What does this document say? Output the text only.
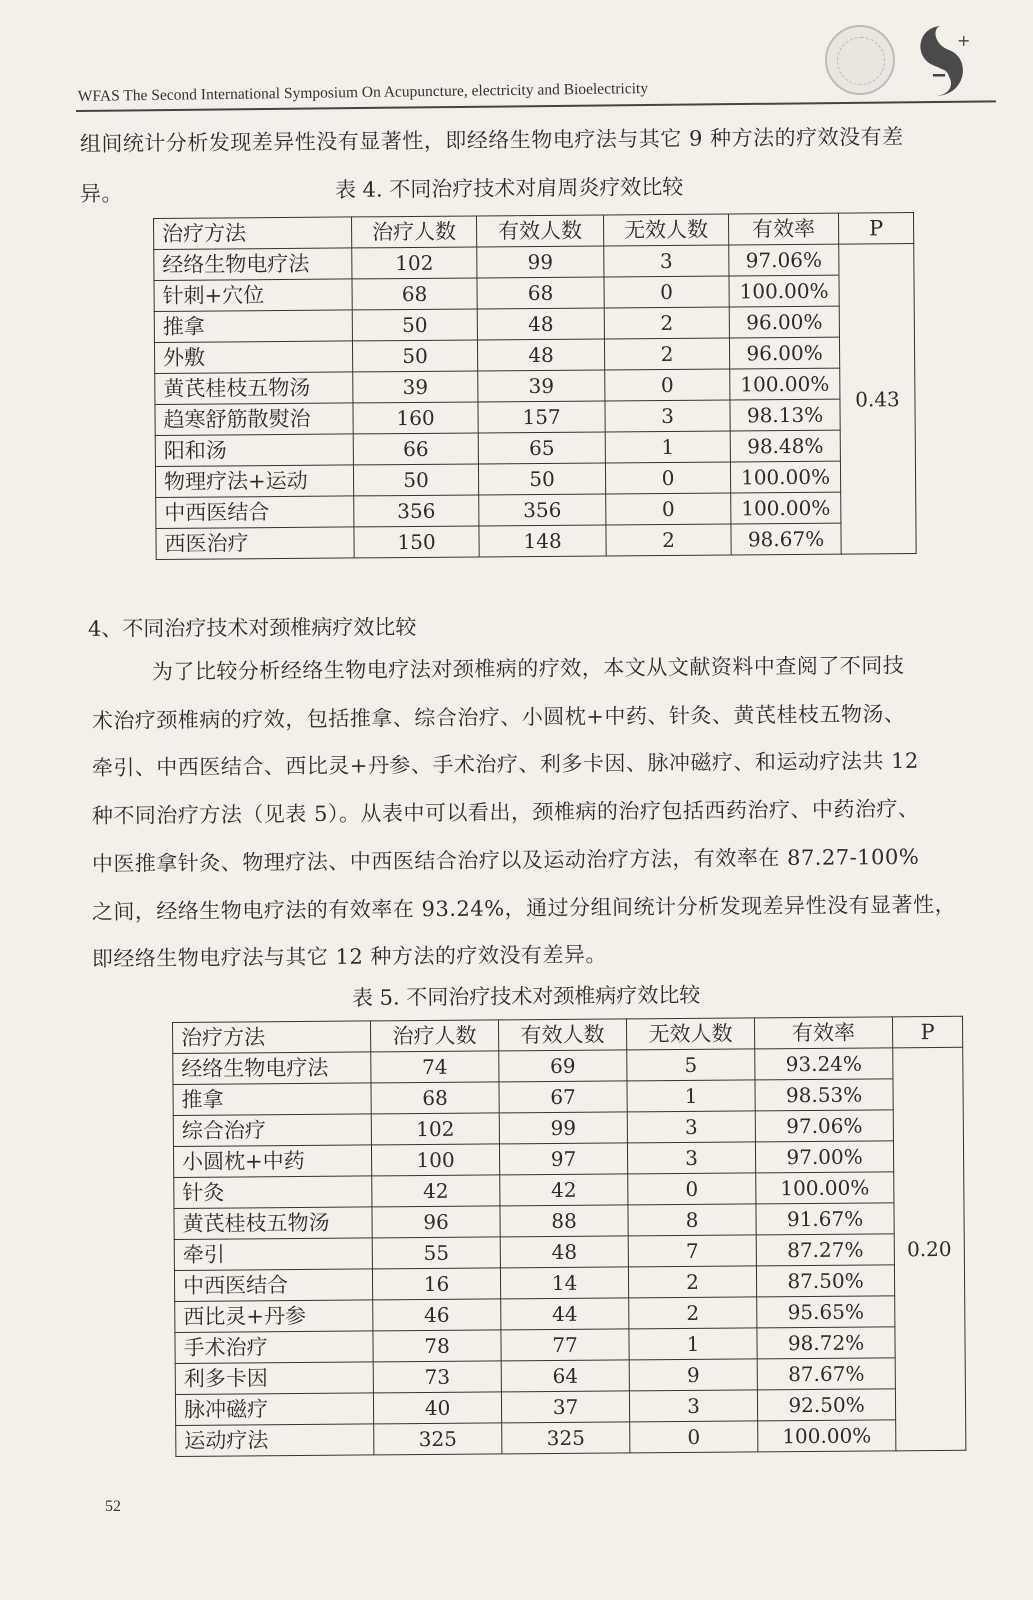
+
WFAS The Second International Symposium On Acupuncture, electricity and Bioelectricity
组间统计分析发现差异性没有显著性，即经络生物电疗法与其它 9 种方法的疗效没有差
异。	表 4. 不同治疗技术对肩周炎疗效比较
治疗方法	治疗人数	有效人数	无效人数	有效率	P
经络生物电疗法	102	99	3	97.06%	0.43
针刺+穴位	68	68	0	100.00%	
推拿	50	48	2	96.00%	
外敷	50	48	2	96.00%	
黄芪桂枝五物汤	39	39	0	100.00%	
趋寒舒筋散熨治	160	157	3	98.13%	
阳和汤	66	65	1	98.48%	
物理疗法+运动	50	50	0	100.00%	
中西医结合	356	356	0	100.00%	
西医治疗	150	148	2	98.67%	
4、不同治疗技术对颈椎病疗效比较
为了比较分析经络生物电疗法对颈椎病的疗效，本文从文献资料中查阅了不同技
术治疗颈椎病的疗效，包括推拿、综合治疗、小圆枕+中药、针灸、黄芪桂枝五物汤、
牵引、中西医结合、西比灵+丹参、手术治疗、利多卡因、脉冲磁疗、和运动疗法共 12
种不同治疗方法（见表 5）。从表中可以看出，颈椎病的治疗包括西药治疗、中药治疗、
中医推拿针灸、物理疗法、中西医结合治疗以及运动治疗方法，有效率在 87.27-100%
之间，经络生物电疗法的有效率在 93.24%，通过分组间统计分析发现差异性没有显著性，
即经络生物电疗法与其它 12 种方法的疗效没有差异。
表 5. 不同治疗技术对颈椎病疗效比较
治疗方法	治疗人数	有效人数	无效人数	有效率	P
经络生物电疗法	74	69	5	93.24%	0.20
推拿	68	67	1	98.53%	
综合治疗	102	99	3	97.06%	
小圆枕+中药	100	97	3	97.00%	
针灸	42	42	0	100.00%	
黄芪桂枝五物汤	96	88	8	91.67%	
牵引	55	48	7	87.27%	
中西医结合	16	14	2	87.50%	
西比灵+丹参	46	44	2	95.65%	
手术治疗	78	77	1	98.72%	
利多卡因	73	64	9	87.67%	
脉冲磁疗	40	37	3	92.50%	
运动疗法	325	325	0	100.00%	
52
